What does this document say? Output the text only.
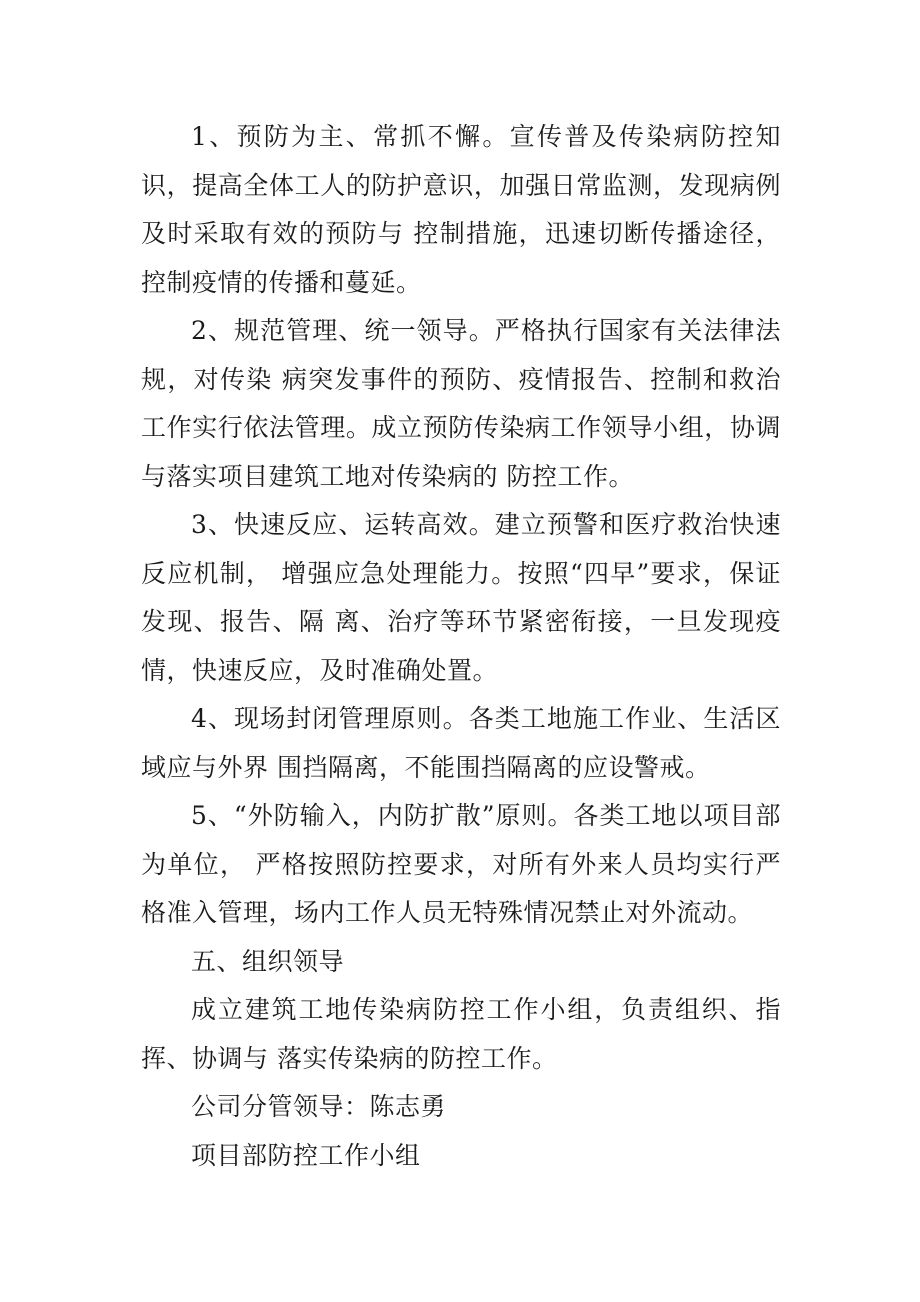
1、预防为主、常抓不懈。宣传普及传染病防控知识，提高全体工人的防护意识，加强日常监测，发现病例及时采取有效的预防与 控制措施，迅速切断传播途径，控制疫情的传播和蔓延。

2、规范管理、统一领导。严格执行国家有关法律法规，对传染 病突发事件的预防、疫情报告、控制和救治工作实行依法管理。成立预防传染病工作领导小组，协调与落实项目建筑工地对传染病的 防控工作。

3、快速反应、运转高效。建立预警和医疗救治快速反应机制， 增强应急处理能力。按照“四早”要求，保证发现、报告、隔 离、治疗等环节紧密衔接，一旦发现疫情，快速反应，及时准确处置。

4、现场封闭管理原则。各类工地施工作业、生活区域应与外界 围挡隔离，不能围挡隔离的应设警戒。

5、“外防输入，内防扩散”原则。各类工地以项目部为单位， 严格按照防控要求，对所有外来人员均实行严格准入管理，场内工作人员无特殊情况禁止对外流动。

五、组织领导

成立建筑工地传染病防控工作小组，负责组织、指挥、协调与 落实传染病的防控工作。

公司分管领导：陈志勇

项目部防控工作小组
